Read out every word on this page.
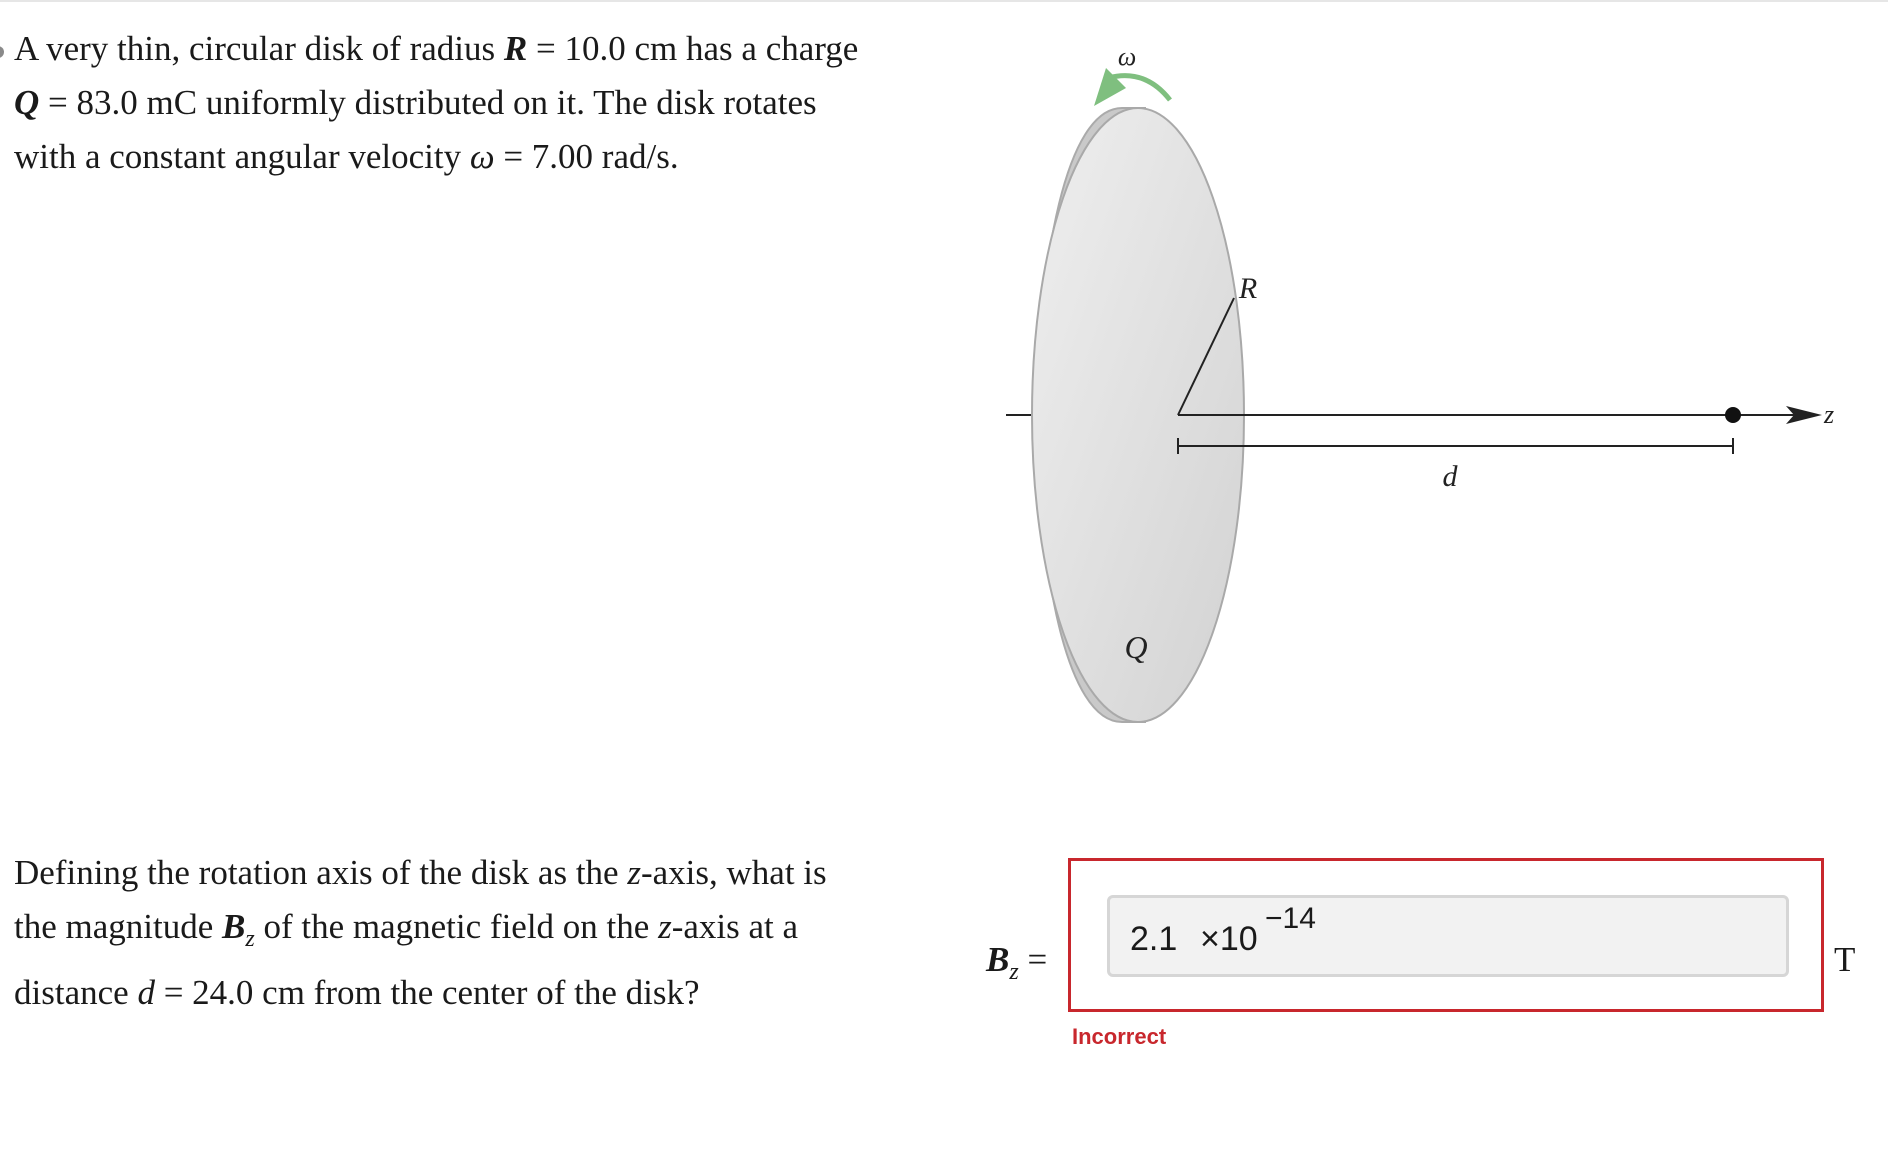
A very thin, circular disk of radius R = 10.0 cm has a charge
Q = 83.0 mC uniformly distributed on it. The disk rotates
with a constant angular velocity ω = 7.00 rad/s.
ω
R
Q
d
z
Defining the rotation axis of the disk as the z-axis, what is
the magnitude $B_z$ of the magnetic field on the z-axis at a
distance d = 24.0 cm from the center of the disk?
$B_z$ =
2.1 ×10
−14
T
Incorrect
